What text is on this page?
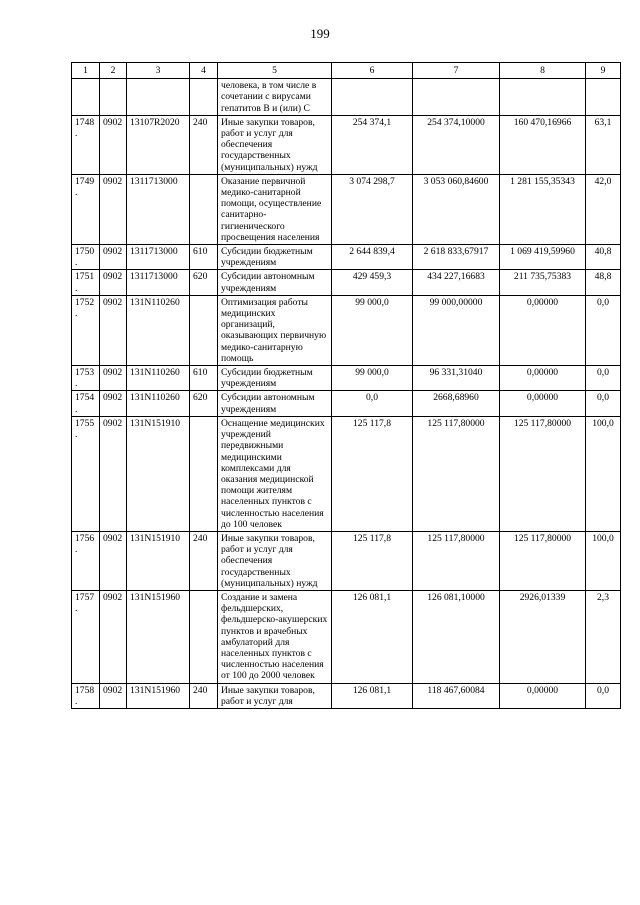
199
1	2	3	4	5	6	7	8	9
				человека, в том числе в сочетании с вирусами гепатитов В и (или) С				
1748.	0902	13107R2020	240	Иные закупки товаров, работ и услуг для обеспечения государственных (муниципальных) нужд	254 374,1	254 374,10000	160 470,16966	63,1
1749.	0902	1311713000		Оказание первичной медико-санитарной помощи, осуществление санитарно-гигиенического просвещения населения	3 074 298,7	3 053 060,84600	1 281 155,35343	42,0
1750.	0902	1311713000	610	Субсидии бюджетным учреждениям	2 644 839,4	2 618 833,67917	1 069 419,59960	40,8
1751.	0902	1311713000	620	Субсидии автономным учреждениям	429 459,3	434 227,16683	211 735,75383	48,8
1752.	0902	131N110260		Оптимизация работы медицинских организаций, оказывающих первичную медико-санитарную помощь	99 000,0	99 000,00000	0,00000	0,0
1753.	0902	131N110260	610	Субсидии бюджетным учреждениям	99 000,0	96 331,31040	0,00000	0,0
1754.	0902	131N110260	620	Субсидии автономным учреждениям	0,0	2668,68960	0,00000	0,0
1755.	0902	131N151910		Оснащение медицинских учреждений передвижными медицинскими комплексами для оказания медицинской помощи жителям населенных пунктов с численностью населения до 100 человек	125 117,8	125 117,80000	125 117,80000	100,0
1756.	0902	131N151910	240	Иные закупки товаров, работ и услуг для обеспечения государственных (муниципальных) нужд	125 117,8	125 117,80000	125 117,80000	100,0
1757.	0902	131N151960		Создание и замена фельдшерских, фельдшерско-акушерских пунктов и врачебных амбулаторий для населенных пунктов с численностью населения от 100 до 2000 человек	126 081,1	126 081,10000	2926,01339	2,3
1758.	0902	131N151960	240	Иные закупки товаров, работ и услуг для	126 081,1	118 467,60084	0,00000	0,0
